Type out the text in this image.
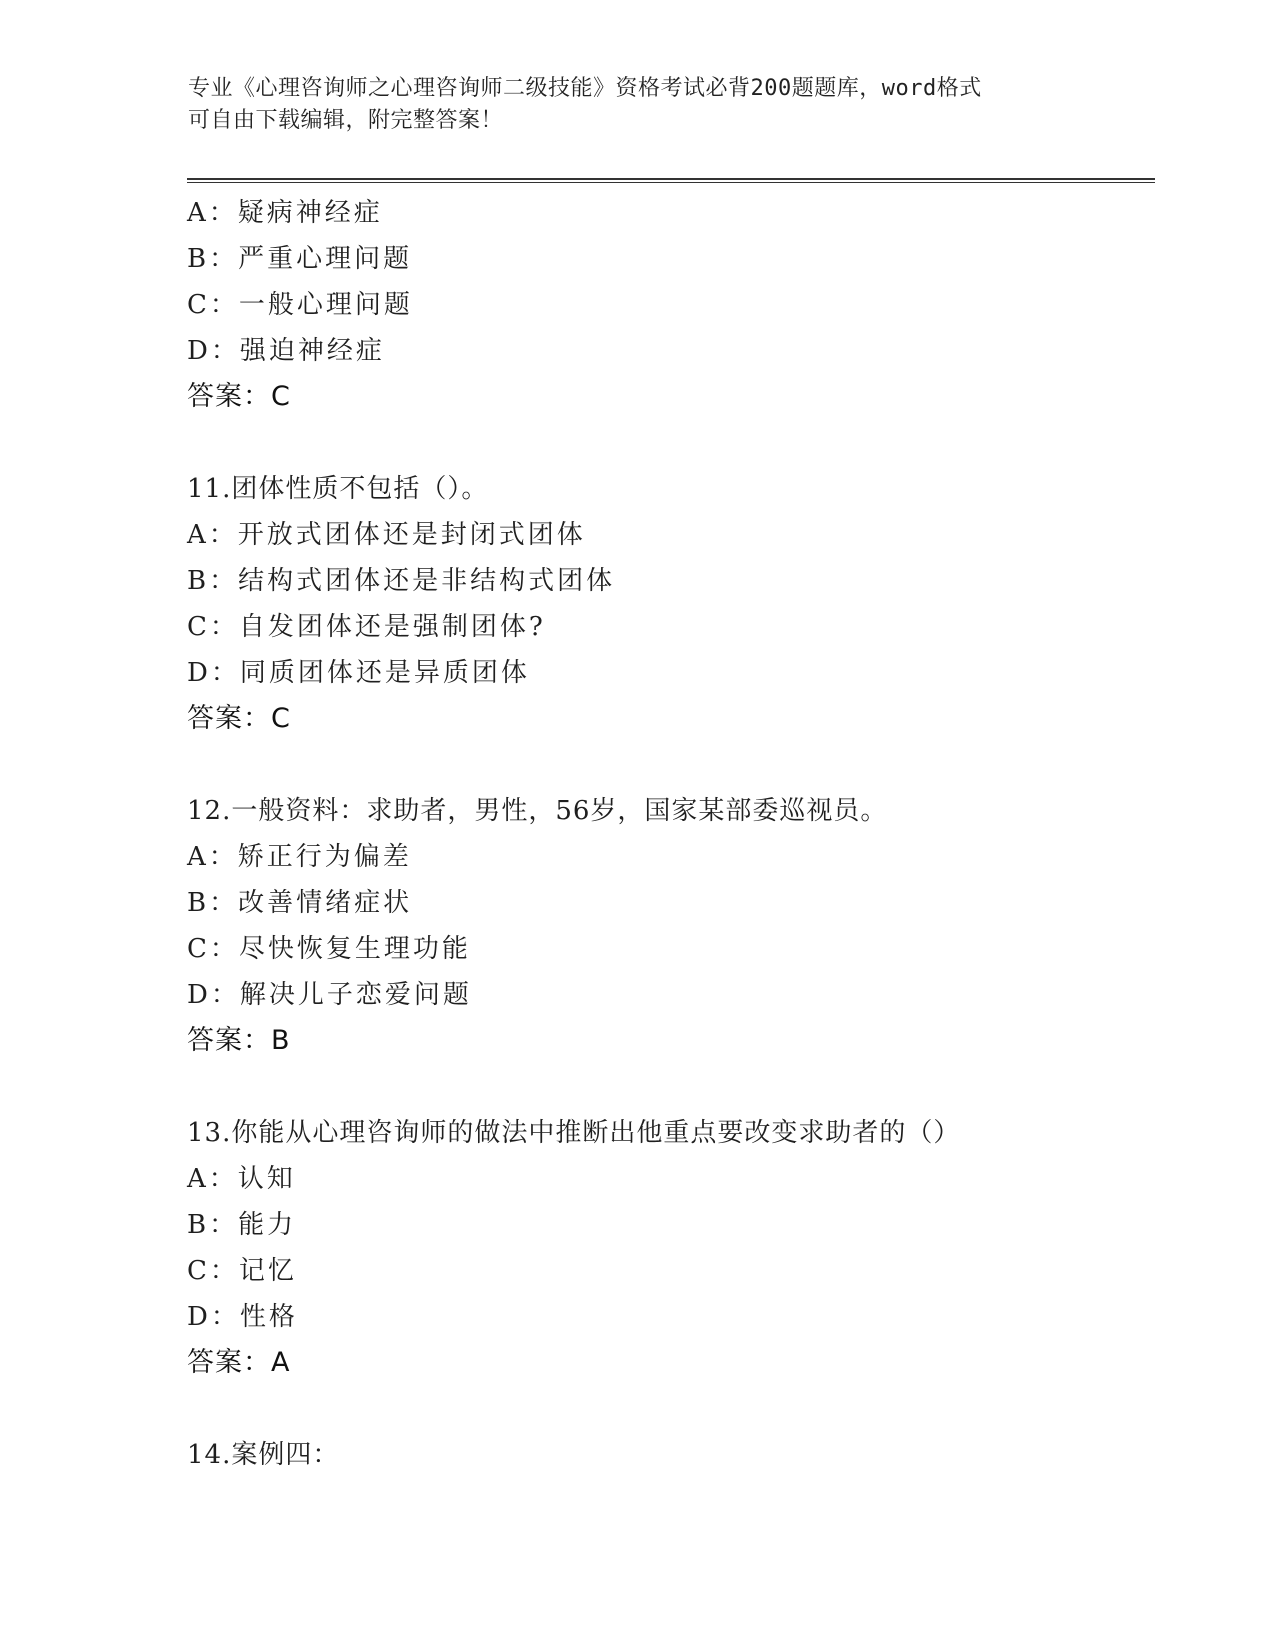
专业《心理咨询师之心理咨询师二级技能》资格考试必背200题题库，word格式
可自由下载编辑，附完整答案！
A：疑病神经症
B：严重心理问题
C：一般心理问题
D：强迫神经症
答案：C
11.团体性质不包括（）。
A：开放式团体还是封闭式团体
B：结构式团体还是非结构式团体
C：自发团体还是强制团体?
D：同质团体还是异质团体
答案：C
12.一般资料：求助者，男性，56岁，国家某部委巡视员。
A：矫正行为偏差
B：改善情绪症状
C：尽快恢复生理功能
D：解决儿子恋爱问题
答案：B
13.你能从心理咨询师的做法中推断出他重点要改变求助者的（）
A：认知
B：能力
C：记忆
D：性格
答案：A
14.案例四：
